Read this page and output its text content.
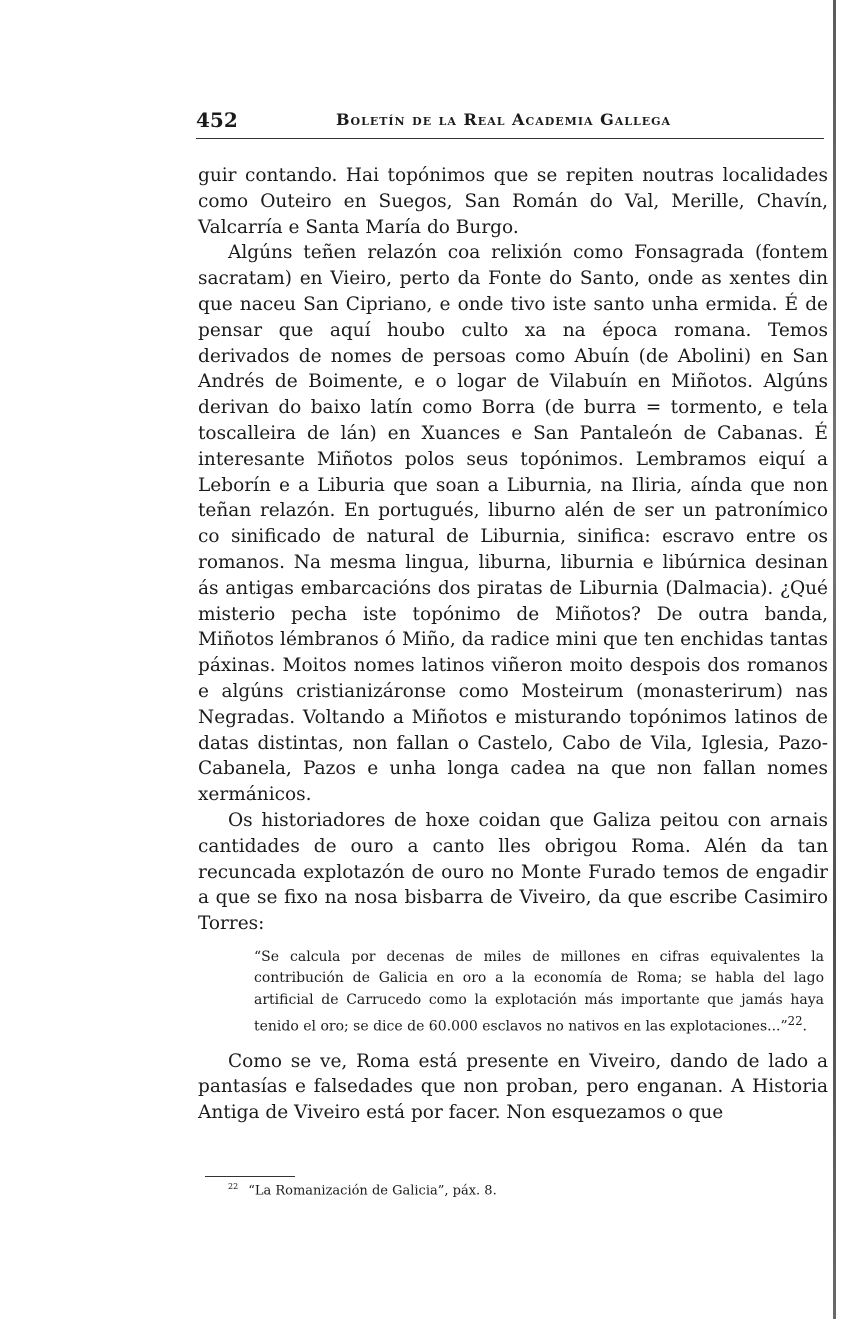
452	Boletín de la Real Academia Gallega

guir contando. Hai topónimos que se repiten noutras localidades como Outeiro en Suegos, San Román do Val, Merille, Chavín, Valcarría e Santa María do Burgo.

Algúns teñen relazón coa relixión como Fonsagrada (fontem sacratam) en Vieiro, perto da Fonte do Santo, onde as xentes din que naceu San Cipriano, e onde tivo iste santo unha ermida. É de pensar que aquí houbo culto xa na época romana. Temos derivados de nomes de persoas como Abuín (de Abolini) en San Andrés de Boimente, e o logar de Vilabuín en Miñotos. Algúns derivan do baixo latín como Borra (de burra = tormento, e tela toscalleira de lán) en Xuances e San Pantaleón de Cabanas. É interesante Miñotos polos seus topónimos. Lembramos eiquí a Leborín e a Liburia que soan a Liburnia, na Iliria, aínda que non teñan relazón. En portugués, liburno alén de ser un patronímico co sinificado de natural de Liburnia, sinifica: escravo entre os romanos. Na mesma lingua, liburna, liburnia e libúrnica desinan ás antigas embarcacións dos piratas de Liburnia (Dalmacia). ¿Qué misterio pecha iste topónimo de Miñotos? De outra banda, Miñotos lémbranos ó Miño, da radice mini que ten enchidas tantas páxinas. Moitos nomes latinos viñeron moito despois dos romanos e algúns cristianizáronse como Mosteirum (monasterirum) nas Negradas. Voltando a Miñotos e misturando topónimos latinos de datas distintas, non fallan o Castelo, Cabo de Vila, Iglesia, Pazo-Cabanela, Pazos e unha longa cadea na que non fallan nomes xermánicos.

Os historiadores de hoxe coidan que Galiza peitou con arnais cantidades de ouro a canto lles obrigou Roma. Alén da tan recuncada explotazón de ouro no Monte Furado temos de engadir a que se fixo na nosa bisbarra de Viveiro, da que escribe Casimiro Torres:

“Se calcula por decenas de miles de millones en cifras equivalentes la contribución de Galicia en oro a la economía de Roma; se habla del lago artificial de Carrucedo como la explotación más importante que jamás haya tenido el oro; se dice de 60.000 esclavos no nativos en las explotaciones...”$^{22}$.

Como se ve, Roma está presente en Viveiro, dando de lado a pantasías e falsedades que non proban, pero enganan. A Historia Antiga de Viveiro está por facer. Non esquezamos o que

$^{22}$ “La Romanización de Galicia”, páx. 8.
